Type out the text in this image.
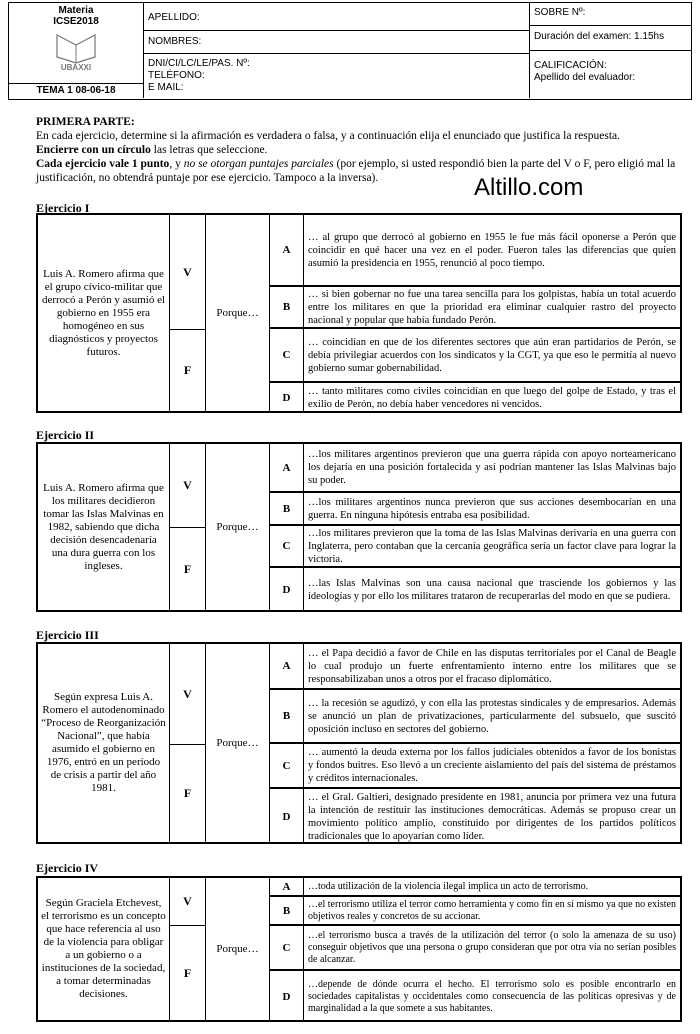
Materia
ICSE2018
UBAXXI
TEMA 1 08-06-18
APELLIDO:
NOMBRES:
DNI/CI/LC/LE/PAS. Nº:
TELÉFONO:
E MAIL:
SOBRE Nº:
Duración del examen: 1.15hs
CALIFICACIÓN:
Apellido del evaluador:
PRIMERA PARTE:
En cada ejercicio, determine si la afirmación es verdadera o falsa, y a continuación elija el enunciado que justifica la respuesta.
Encierre con un círculo las letras que seleccione.
Cada ejercicio vale 1 punto, y no se otorgan puntajes parciales (por ejemplo, si usted respondió bien la parte del V o F, pero eligió mal la justificación, no obtendrá puntaje por ese ejercicio. Tampoco a la inversa).	Altillo.com
Ejercicio I
Luis A. Romero afirma que el grupo cívico-militar que derrocó a Perón y asumió el gobierno en 1955 era homogéneo en sus diagnósticos y proyectos futuros.
V
F
Porque…
A
… al grupo que derrocó al gobierno en 1955 le fue más fácil oponerse a Perón que coincidir en qué hacer una vez en el poder. Fueron tales las diferencias que quien asumió la presidencia en 1955, renunció al poco tiempo.
B
… si bien gobernar no fue una tarea sencilla para los golpistas, había un total acuerdo entre los militares en que la prioridad era eliminar cualquier rastro del proyecto nacional y popular que había fundado Perón.
C
… coincidían en que de los diferentes sectores que aún eran partidarios de Perón, se debía privilegiar acuerdos con los sindicatos y la CGT, ya que eso le permitía al nuevo gobierno sumar gobernabilidad.
D
… tanto militares como civiles coincidían en que luego del golpe de Estado, y tras el exilio de Perón, no debía haber vencedores ni vencidos.
Ejercicio II
Luis A. Romero afirma que los militares decidieron tomar las Islas Malvinas en 1982, sabiendo que dicha decisión desencadenaría una dura guerra con los ingleses.
V
F
Porque…
A
…los militares argentinos previeron que una guerra rápida con apoyo norteamericano los dejaría en una posición fortalecida y así podrían mantener las Islas Malvinas bajo su poder.
B
…los militares argentinos nunca previeron que sus acciones desembocarían en una guerra. En ninguna hipótesis entraba esa posibilidad.
C
…los militares previeron que la toma de las Islas Malvinas derivaría en una guerra con Inglaterra, pero contaban que la cercanía geográfica sería un factor clave para lograr la victoria.
D
…las Islas Malvinas son una causa nacional que trasciende los gobiernos y las ideologías y por ello los militares trataron de recuperarlas del modo en que se pudiera.
Ejercicio III
Según expresa Luis A. Romero el autodenominado “Proceso de Reorganización Nacional”, que había asumido el gobierno en 1976, entró en un período de crisis a partir del año 1981.
V
F
Porque…
A
… el Papa decidió a favor de Chile en las disputas territoriales por el Canal de Beagle lo cual produjo un fuerte enfrentamiento interno entre los militares que se responsabilizaban unos a otros por el fracaso diplomático.
B
… la recesión se agudizó, y con ella las protestas sindicales y de empresarios. Además se anunció un plan de privatizaciones, particularmente del subsuelo, que suscitó oposición incluso en sectores del gobierno.
C
… aumentó la deuda externa por los fallos judiciales obtenidos a favor de los bonistas y fondos buitres. Eso llevó a un creciente aislamiento del país del sistema de préstamos y créditos internacionales.
D
… el Gral. Galtieri, designado presidente en 1981, anuncia por primera vez una futura la intención de restituir las instituciones democráticas. Además se propuso crear un movimiento político amplio, constituido por dirigentes de los partidos políticos tradicionales que lo apoyarían como líder.
Ejercicio IV
Según Graciela Etchevest, el terrorismo es un concepto que hace referencia al uso de la violencia para obligar a un gobierno o a instituciones de la sociedad, a tomar determinadas decisiones.
V
F
Porque…
A	…toda utilización de la violencia ilegal implica un acto de terrorismo.
B
…el terrorismo utiliza el terror como herramienta y como fin en sí mismo ya que no existen objetivos reales y concretos de su accionar.
C
…el terrorismo busca a través de la utilización del terror (o solo la amenaza de su uso) conseguir objetivos que una persona o grupo consideran que por otra vía no serían posibles de alcanzar.
D
…depende de dónde ocurra el hecho. El terrorismo solo es posible encontrarlo en sociedades capitalistas y occidentales como consecuencia de las políticas opresivas y de marginalidad a la que somete a sus habitantes.
